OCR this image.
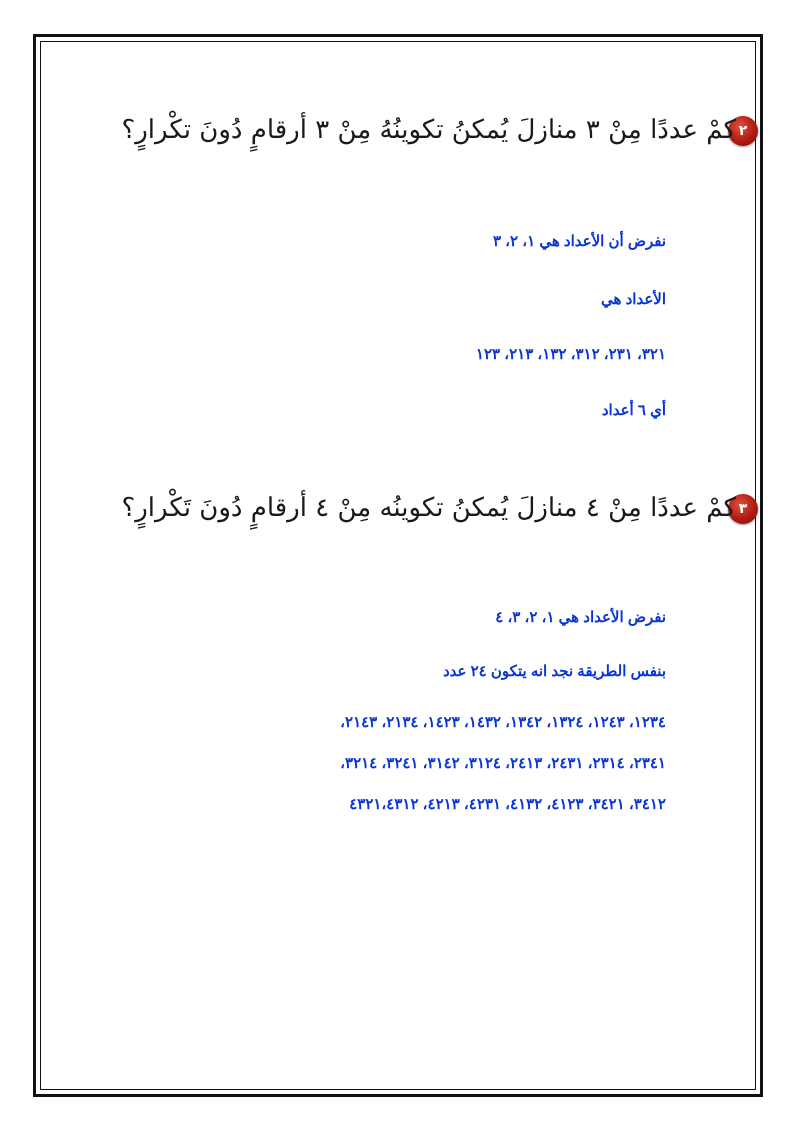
٢
كمْ عددًا مِنْ ٣ منازلَ يُمكنُ تكوينُهُ مِنْ ٣ أرقامٍ دُونَ تكْرارٍ؟
نفرض أن الأعداد هي ١، ٢، ٣
الأعداد هي
٣٢١، ٢٣١، ٣١٢، ١٣٢، ٢١٣، ١٢٣
أي ٦ أعداد
٣
كمْ عددًا مِنْ ٤ منازلَ يُمكنُ تكوينُه مِنْ ٤ أرقامٍ دُونَ تَكْرارٍ؟
نفرض الأعداد هي ١، ٢، ٣، ٤
بنفس الطريقة نجد انه يتكون ٢٤ عدد
١٢٣٤، ١٢٤٣، ١٣٢٤، ١٣٤٢، ١٤٣٢، ١٤٢٣، ٢١٣٤، ٢١٤٣،
٢٣٤١، ٢٣١٤، ٢٤٣١، ٢٤١٣، ٣١٢٤، ٣١٤٢، ٣٢٤١، ٣٢١٤،
٣٤١٢، ٣٤٢١، ٤١٢٣، ٤١٣٢، ٤٢٣١، ٤٢١٣، ٤٣٢١،٤٣١٢
